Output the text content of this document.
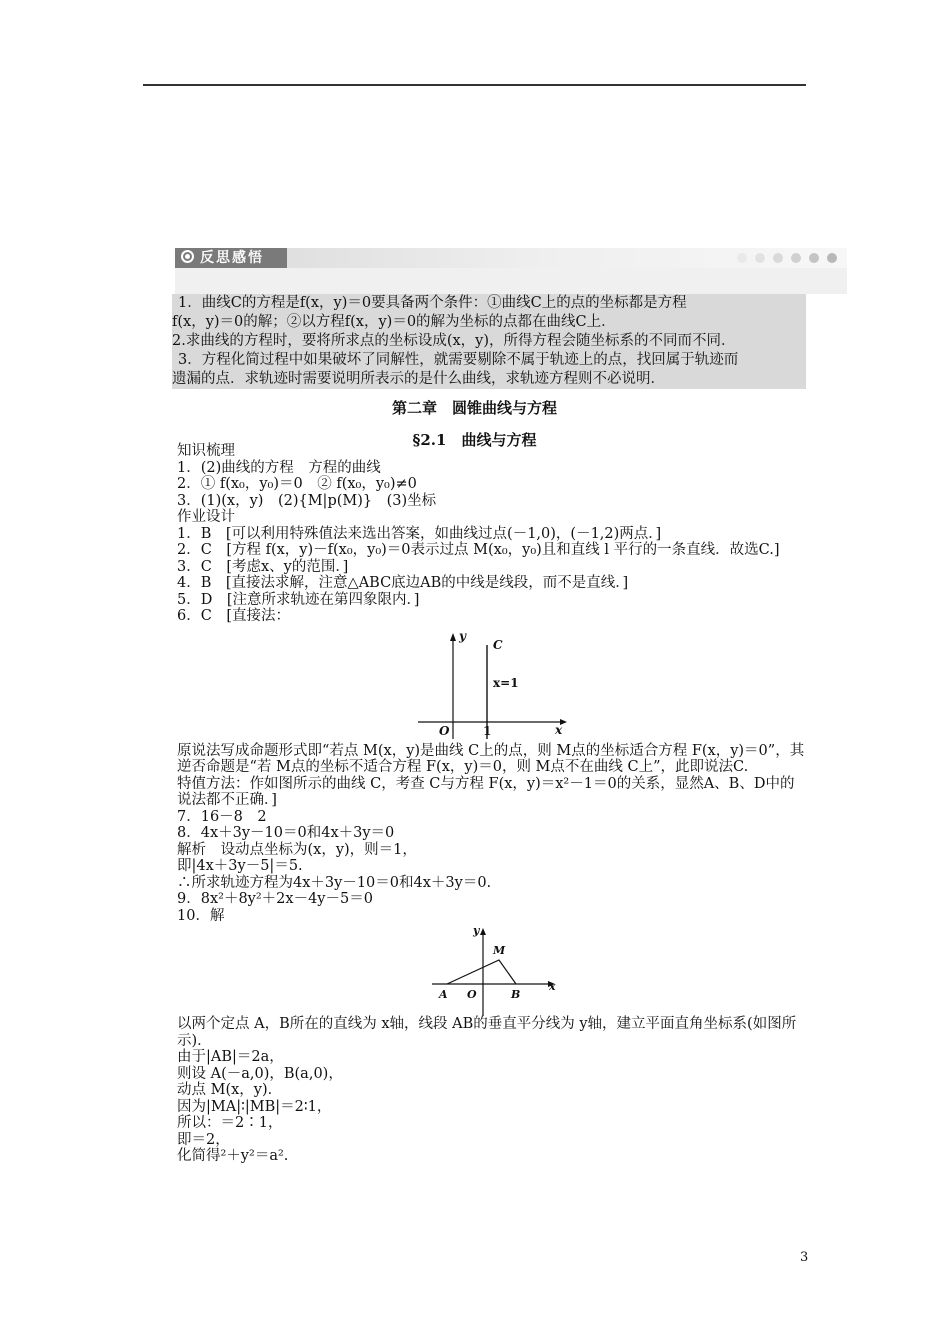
反思感悟

1．曲线C的方程是f(x，y)＝0要具备两个条件：①曲线C上的点的坐标都是方程

f(x，y)＝0的解；②以方程f(x，y)＝0的解为坐标的点都在曲线C上．

2.求曲线的方程时，要将所求点的坐标设成(x，y)，所得方程会随坐标系的不同而不同．

3．方程化简过程中如果破坏了同解性，就需要剔除不属于轨迹上的点，找回属于轨迹而

遗漏的点．求轨迹时需要说明所表示的是什么曲线，求轨迹方程则不必说明．

第二章　圆锥曲线与方程
§2.1　曲线与方程

知识梳理

1．(2)曲线的方程　方程的曲线

2．① f(x₀，y₀)＝0　② f(x₀，y₀)≠0

3．(1)(x，y)　(2){M|p(M)}　(3)坐标

作业设计

1．B　[可以利用特殊值法来选出答案，如曲线过点(－1,0)，(－1,2)两点．]

2．C　[方程 f(x，y)－f(x₀，y₀)＝0表示过点 M(x₀，y₀)且和直线 l 平行的一条直线．故选C.]

3．C　[考虑x、y的范围．]

4．B　[直接法求解，注意△ABC底边AB的中线是线段，而不是直线．]

5．D　[注意所求轨迹在第四象限内．]

6．C　[直接法：

y
x
C
x=1
O	1

原说法写成命题形式即“若点 M(x，y)是曲线 C上的点，则 M点的坐标适合方程 F(x，y)＝0”，其逆否命题是“若 M点的坐标不适合方程 F(x，y)＝0，则 M点不在曲线 C上”，此即说法C.

特值方法：作如图所示的曲线 C，考查 C与方程 F(x，y)＝x²－1＝0的关系，显然A、B、D中的说法都不正确．]

7．16－8　2

8．4x＋3y－10＝0和4x＋3y＝0

解析　设动点坐标为(x，y)，则＝1，

即|4x＋3y－5|＝5.

∴所求轨迹方程为4x＋3y－10＝0和4x＋3y＝0.

9．8x²＋8y²＋2x－4y－5＝0

10．解

y
x
M
A O	B

以两个定点 A，B所在的直线为 x轴，线段 AB的垂直平分线为 y轴，建立平面直角坐标系(如图所示)．

由于|AB|＝2a，

则设 A(－a,0)，B(a,0)，

动点 M(x，y)．

因为|MA|∶|MB|＝2∶1，

所以：＝2∶1，

即＝2，

化简得²＋y²＝a².

3
